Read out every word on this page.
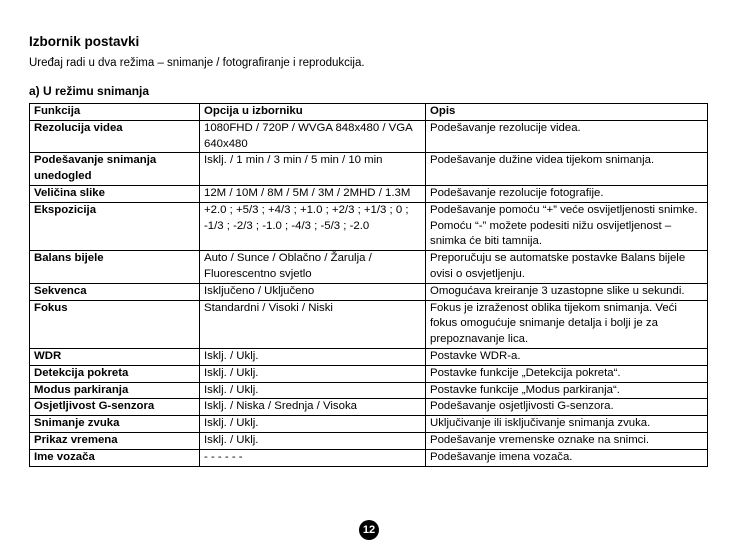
Izbornik postavki
Uređaj radi u dva režima – snimanje / fotografiranje i reprodukcija.
a) U režimu snimanja
Funkcija	Opcija u izborniku	Opis
Rezolucija videa	1080FHD / 720P / WVGA 848x480 / VGA 640x480	Podešavanje rezolucije videa.
Podešavanje snimanja unedogled	Isklj. / 1 min / 3 min / 5 min / 10 min	Podešavanje dužine videa tijekom snimanja.
Veličina slike	12M / 10M / 8M / 5M / 3M / 2MHD / 1.3M	Podešavanje rezolucije fotografije.
Ekspozicija	+2.0 ; +5/3 ; +4/3 ; +1.0 ; +2/3 ; +1/3 ; 0 ; -1/3 ; -2/3 ; -1.0 ; -4/3 ; -5/3 ; -2.0	Podešavanje pomoću “+” veće osvijetljenosti snimke. Pomoću “-” možete podesiti nižu osvijetljenost – snimka će biti tamnija.
Balans bijele	Auto / Sunce / Oblačno / Žarulja / Fluorescentno svjetlo	Preporučuju se automatske postavke Balans bijele ovisi o osvjetljenju.
Sekvenca	Isključeno / Uključeno	Omogućava kreiranje 3 uzastopne slike u sekundi.
Fokus	Standardni / Visoki / Niski	Fokus je izraženost oblika tijekom snimanja. Veći fokus omogućuje snimanje detalja i bolji je za prepoznavanje lica.
WDR	Isklj. / Uklj.	Postavke WDR-a.
Detekcija pokreta	Isklj. / Uklj.	Postavke funkcije „Detekcija pokreta“.
Modus parkiranja	Isklj. / Uklj.	Postavke funkcije „Modus parkiranja“.
Osjetljivost G-senzora	Isklj. / Niska / Srednja / Visoka	Podešavanje osjetljivosti G-senzora.
Snimanje zvuka	Isklj. / Uklj.	Uključivanje ili isključivanje snimanja zvuka.
Prikaz vremena	Isklj. / Uklj.	Podešavanje vremenske oznake na snimci.
Ime vozača	- - - - - -	Podešavanje imena vozača.
12
